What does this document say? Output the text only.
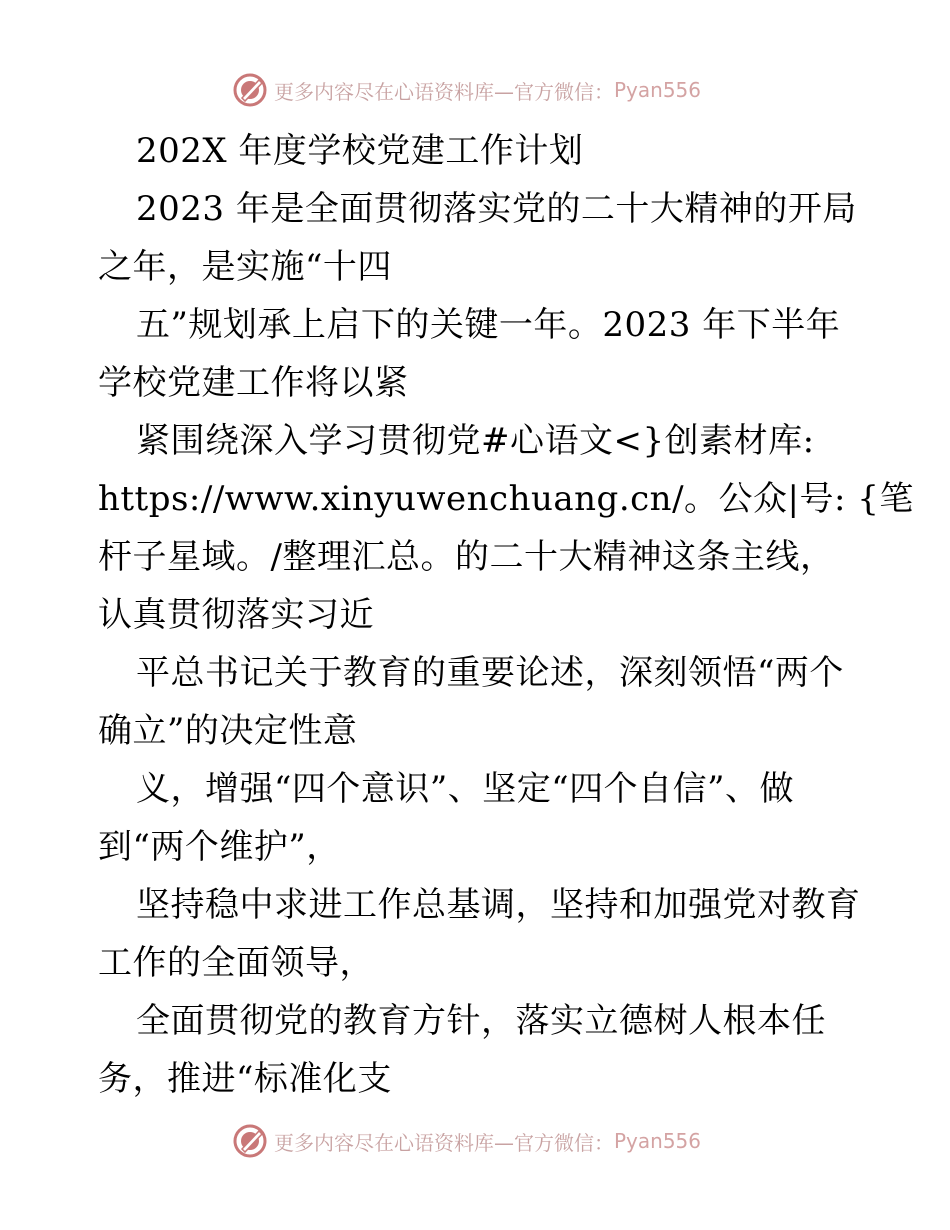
更多内容尽在心语资料库—官方微信： Pyan556
202X 年度学校党建工作计划
2023 年是全面贯彻落实党的二十大精神的开局
之年，是实施“十四
五”规划承上启下的关键一年。2023 年下半年
学校党建工作将以紧
紧围绕深入学习贯彻党#心语文<}创素材库:
https://www.xinyuwenchuang.cn/。公众|号: {笔
杆子星域。/整理汇总。的二十大精神这条主线，
认真贯彻落实习近
平总书记关于教育的重要论述，深刻领悟“两个
确立”的决定性意
义，增强“四个意识”、坚定“四个自信”、做
到“两个维护”，
坚持稳中求进工作总基调，坚持和加强党对教育
工作的全面领导，
全面贯彻党的教育方针，落实立德树人根本任
务，推进“标准化支
更多内容尽在心语资料库—官方微信： Pyan556
